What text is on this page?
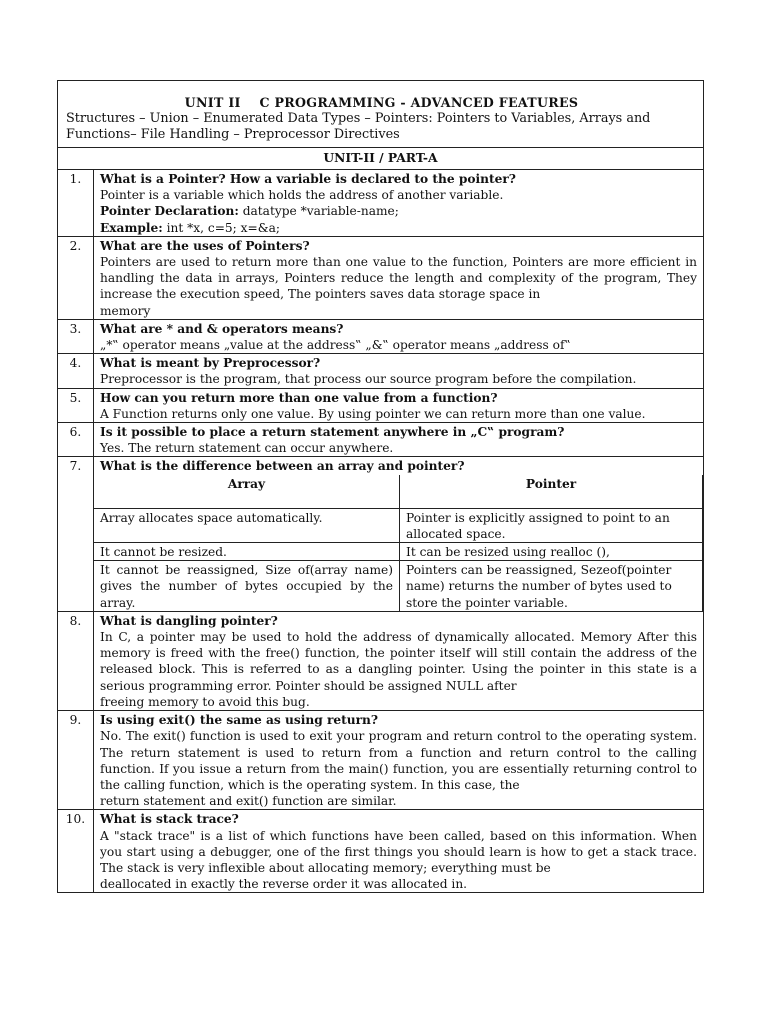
UNIT II C PROGRAMMING - ADVANCED FEATURES
Structures – Union – Enumerated Data Types – Pointers: Pointers to Variables, Arrays and
Functions– File Handling – Preprocessor Directives

UNIT-II / PART-A
1.	What is a Pointer? How a variable is declared to the pointer?
Pointer is a variable which holds the address of another variable.
Pointer Declaration: datatype *variable-name;
Example: int *x, c=5; x=&a;

2.	What are the uses of Pointers?
Pointers are used to return more than one value to the function, Pointers are more efficient in handling the data in arrays, Pointers reduce the length and complexity of the program, They increase the execution speed, The pointers saves data storage space in
memory

3.	What are * and & operators means?
„*‟ operator means „value at the address‟ „&‟ operator means „address of‟

4.	What is meant by Preprocessor?
Preprocessor is the program, that process our source program before the compilation.

5.	How can you return more than one value from a function?
A Function returns only one value. By using pointer we can return more than one value.

6.	Is it possible to place a return statement anywhere in „C‟ program?
Yes. The return statement can occur anywhere.

7.	What is the difference between an array and pointer?
Array	Pointer
Array allocates space automatically.	Pointer is explicitly assigned to point to an allocated space.
It cannot be resized.	It can be resized using realloc (),
It cannot be reassigned, Size of(array name) gives the number of bytes occupied by the array.	Pointers can be reassigned, Sezeof(pointer name) returns the number of bytes used to store the pointer variable.

8.	What is dangling pointer?
In C, a pointer may be used to hold the address of dynamically allocated. Memory After this memory is freed with the free() function, the pointer itself will still contain the address of the released block. This is referred to as a dangling pointer. Using the pointer in this state is a serious programming error. Pointer should be assigned NULL after
freeing memory to avoid this bug.

9.	Is using exit() the same as using return?
No. The exit() function is used to exit your program and return control to the operating system. The return statement is used to return from a function and return control to the calling function. If you issue a return from the main() function, you are essentially returning control to the calling function, which is the operating system. In this case, the
return statement and exit() function are similar.

10.	What is stack trace?
A "stack trace" is a list of which functions have been called, based on this information. When you start using a debugger, one of the first things you should learn is how to get a stack trace. The stack is very inflexible about allocating memory; everything must be
deallocated in exactly the reverse order it was allocated in.
